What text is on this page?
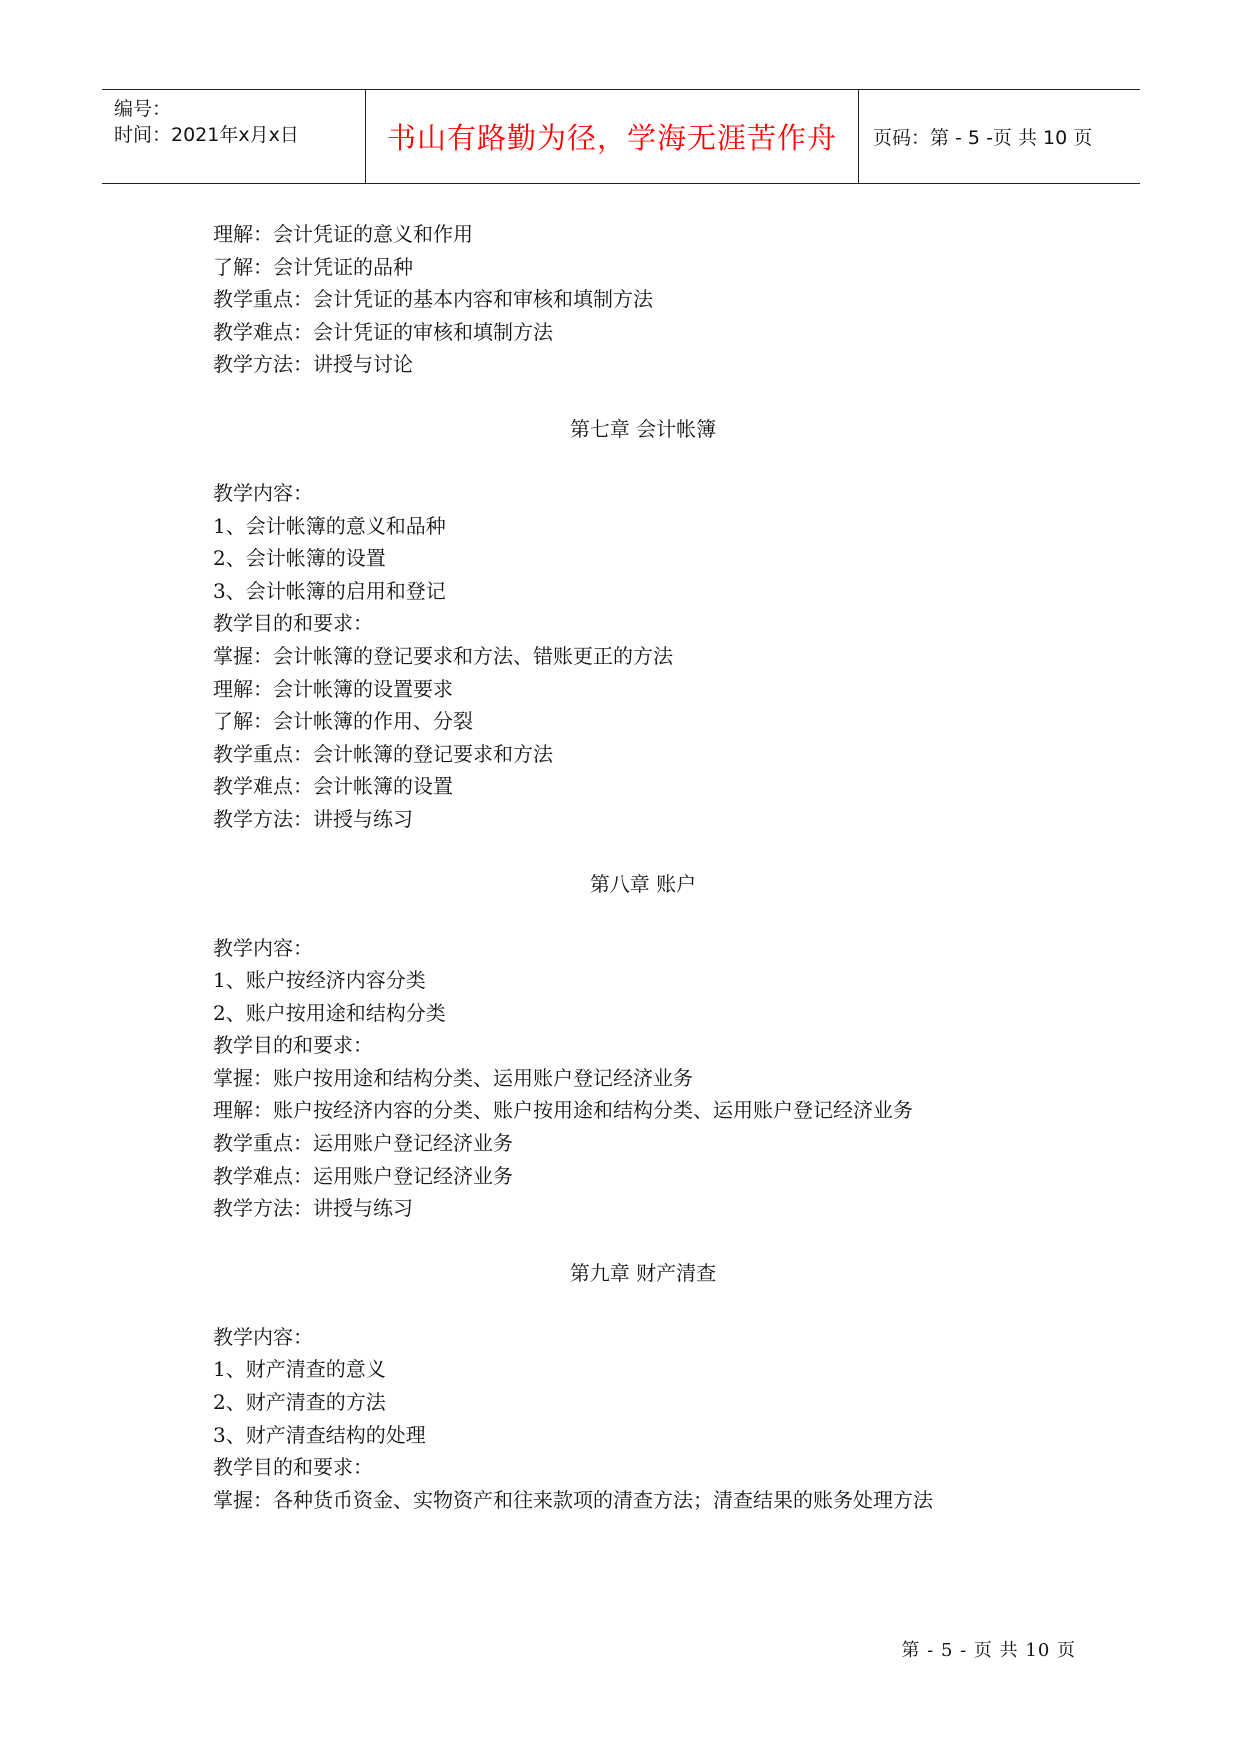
编号：
时间：2021年x月x日	书山有路勤为径，学海无涯苦作舟 页码：第 - 5 -页 共 10 页
理解：会计凭证的意义和作用
了解：会计凭证的品种
教学重点：会计凭证的基本内容和审核和填制方法
教学难点：会计凭证的审核和填制方法
教学方法：讲授与讨论
第七章 会计帐簿
教学内容：
1、会计帐簿的意义和品种
2、会计帐簿的设置
3、会计帐簿的启用和登记
教学目的和要求：
掌握：会计帐簿的登记要求和方法、错账更正的方法
理解：会计帐簿的设置要求
了解：会计帐簿的作用、分裂
教学重点：会计帐簿的登记要求和方法
教学难点：会计帐簿的设置
教学方法：讲授与练习
第八章 账户
教学内容：
1、账户按经济内容分类
2、账户按用途和结构分类
教学目的和要求：
掌握：账户按用途和结构分类、运用账户登记经济业务
理解：账户按经济内容的分类、账户按用途和结构分类、运用账户登记经济业务
教学重点：运用账户登记经济业务
教学难点：运用账户登记经济业务
教学方法：讲授与练习
第九章 财产清查
教学内容：
1、财产清查的意义
2、财产清查的方法
3、财产清查结构的处理
教学目的和要求：
掌握：各种货币资金、实物资产和往来款项的清查方法；清查结果的账务处理方法
第 - 5 - 页 共 10 页
